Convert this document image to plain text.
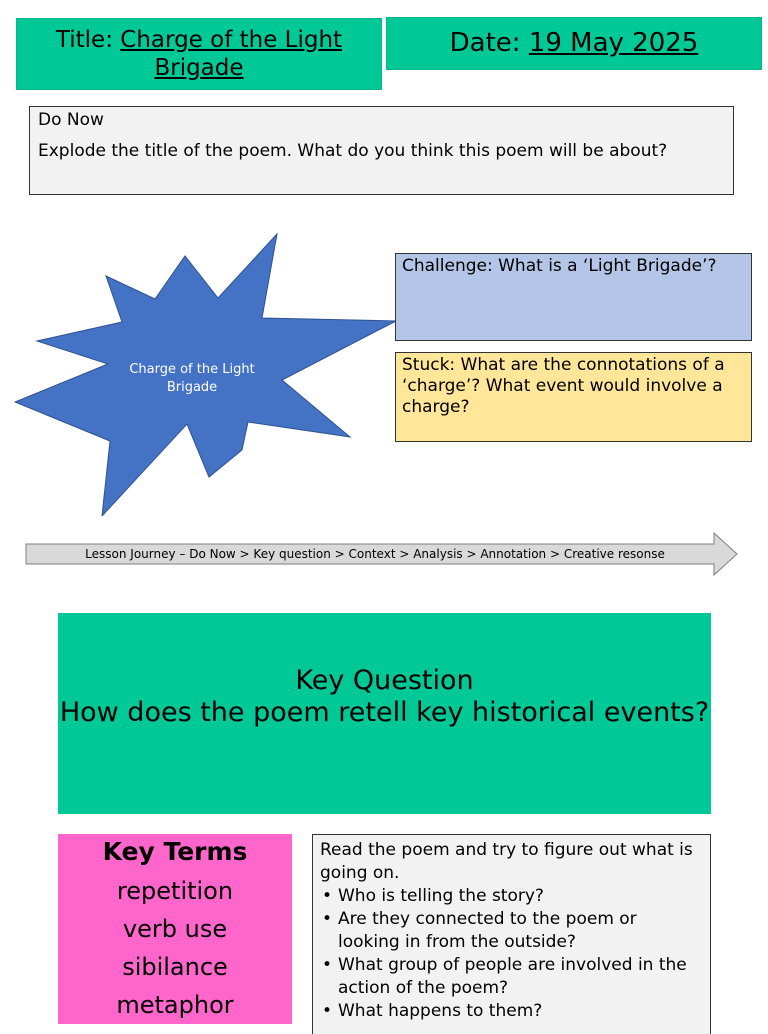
Title: Charge of the Light Brigade
Date: 19 May 2025

Do Now

Explode the title of the poem. What do you think this poem will be about?

Charge of the Light Brigade
Challenge: What is a ‘Light Brigade’?
Stuck: What are the connotations of a ‘charge’? What event would involve a charge?
Lesson Journey – Do Now > Key question > Context > Analysis > Annotation > Creative resonse
Key Question
How does the poem retell key historical events?
Key Terms
repetition
verb use
sibilance
metaphor

Read the poem and try to figure out what is going on.

• Who is telling the story?
• Are they connected to the poem or looking in from the outside?
• What group of people are involved in the action of the poem?
• What happens to them?
